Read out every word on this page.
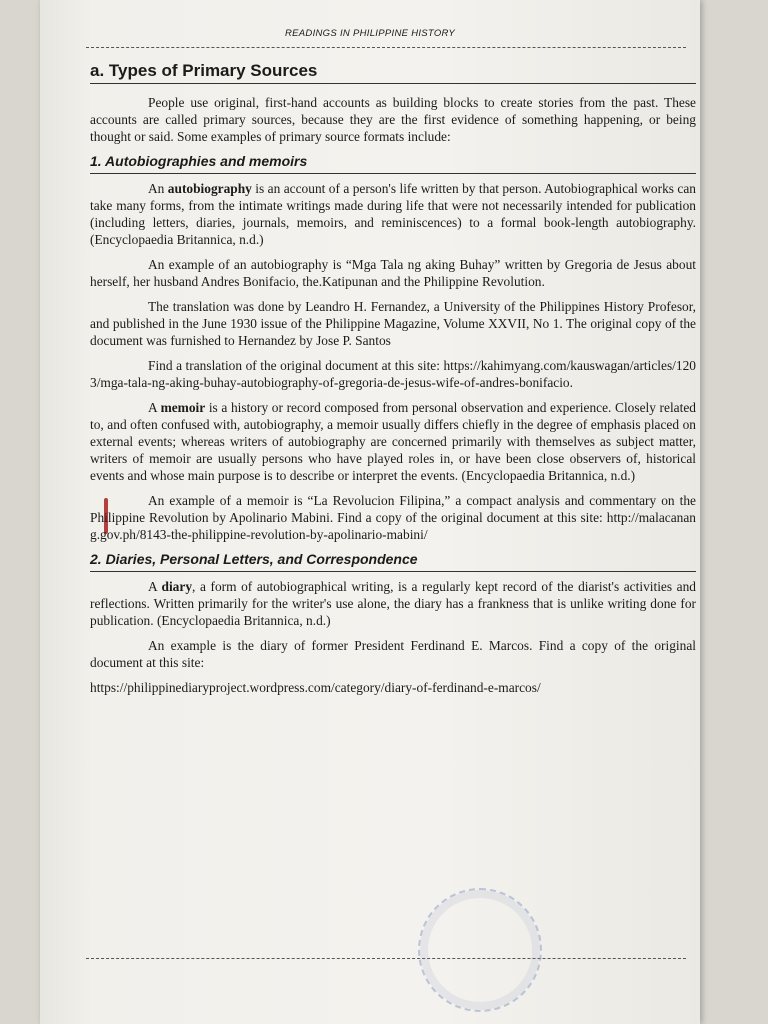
READINGS IN PHILIPPINE HISTORY
a. Types of Primary Sources

People use original, first-hand accounts as building blocks to create stories from the past. These accounts are called primary sources, because they are the first evidence of something happening, or being thought or said. Some examples of primary source formats include:

1. Autobiographies and memoirs

An autobiography is an account of a person's life written by that person. Autobiographical works can take many forms, from the intimate writings made during life that were not necessarily intended for publication (including letters, diaries, journals, memoirs, and reminiscences) to a formal book-length autobiography. (Encyclopaedia Britannica, n.d.)

An example of an autobiography is “Mga Tala ng aking Buhay” written by Gregoria de Jesus about herself, her husband Andres Bonifacio, the.Katipunan and the Philippine Revolution.

The translation was done by Leandro H. Fernandez, a University of the Philippines History Profesor, and published in the June 1930 issue of the Philippine Magazine, Volume XXVII, No 1. The original copy of the document was furnished to Hernandez by Jose P. Santos

Find a translation of the original document at this site: https://kahimyang.com/kauswagan/articles/1203/mga-tala-ng-aking-buhay-autobiography-of-gregoria-de-jesus-wife-of-andres-bonifacio.

A memoir is a history or record composed from personal observation and experience. Closely related to, and often confused with, autobiography, a memoir usually differs chiefly in the degree of emphasis placed on external events; whereas writers of autobiography are concerned primarily with themselves as subject matter, writers of memoir are usually persons who have played roles in, or have been close observers of, historical events and whose main purpose is to describe or interpret the events. (Encyclopaedia Britannica, n.d.)

An example of a memoir is “La Revolucion Filipina,” a compact analysis and commentary on the Philippine Revolution by Apolinario Mabini. Find a copy of the original document at this site: http://malacanang.gov.ph/8143-the-philippine-revolution-by-apolinario-mabini/

2. Diaries, Personal Letters, and Correspondence

A diary, a form of autobiographical writing, is a regularly kept record of the diarist's activities and reflections. Written primarily for the writer's use alone, the diary has a frankness that is unlike writing done for publication. (Encyclopaedia Britannica, n.d.)

An example is the diary of former President Ferdinand E. Marcos. Find a copy of the original document at this site:

https://philippinediaryproject.wordpress.com/category/diary-of-ferdinand-e-marcos/
